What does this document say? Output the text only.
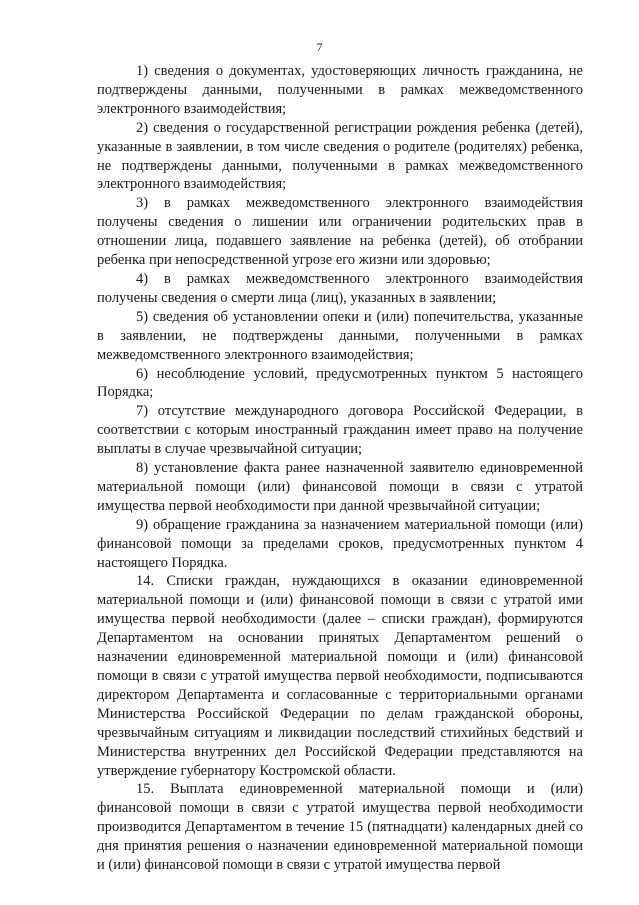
7

1) сведения о документах, удостоверяющих личность гражданина, не подтверждены данными, полученными в рамках межведомственного электронного взаимодействия;

2) сведения о государственной регистрации рождения ребенка (детей), указанные в заявлении, в том числе сведения о родителе (родителях) ребенка, не подтверждены данными, полученными в рамках межведомственного электронного взаимодействия;

3) в рамках межведомственного электронного взаимодействия получены сведения о лишении или ограничении родительских прав в отношении лица, подавшего заявление на ребенка (детей), об отобрании ребенка при непосредственной угрозе его жизни или здоровью;

4) в рамках межведомственного электронного взаимодействия получены сведения о смерти лица (лиц), указанных в заявлении;

5) сведения об установлении опеки и (или) попечительства, указанные в заявлении, не подтверждены данными, полученными в рамках межведомственного электронного взаимодействия;

6) несоблюдение условий, предусмотренных пунктом 5 настоящего Порядка;

7) отсутствие международного договора Российской Федерации, в соответствии с которым иностранный гражданин имеет право на получение выплаты в случае чрезвычайной ситуации;

8) установление факта ранее назначенной заявителю единовременной материальной помощи (или) финансовой помощи в связи с утратой имущества первой необходимости при данной чрезвычайной ситуации;

9) обращение гражданина за назначением материальной помощи (или) финансовой помощи за пределами сроков, предусмотренных пунктом 4 настоящего Порядка.

14. Списки граждан, нуждающихся в оказании единовременной материальной помощи и (или) финансовой помощи в связи с утратой ими имущества первой необходимости (далее – списки граждан), формируются Департаментом на основании принятых Департаментом решений о назначении единовременной материальной помощи и (или) финансовой помощи в связи с утратой имущества первой необходимости, подписываются директором Департамента и согласованные с территориальными органами Министерства Российской Федерации по делам гражданской обороны, чрезвычайным ситуациям и ликвидации последствий стихийных бедствий и Министерства внутренних дел Российской Федерации представляются на утверждение губернатору Костромской области.

15. Выплата единовременной материальной помощи и (или) финансовой помощи в связи с утратой имущества первой необходимости производится Департаментом в течение 15 (пятнадцати) календарных дней со дня принятия решения о назначении единовременной материальной помощи и (или) финансовой помощи в связи с утратой имущества первой
